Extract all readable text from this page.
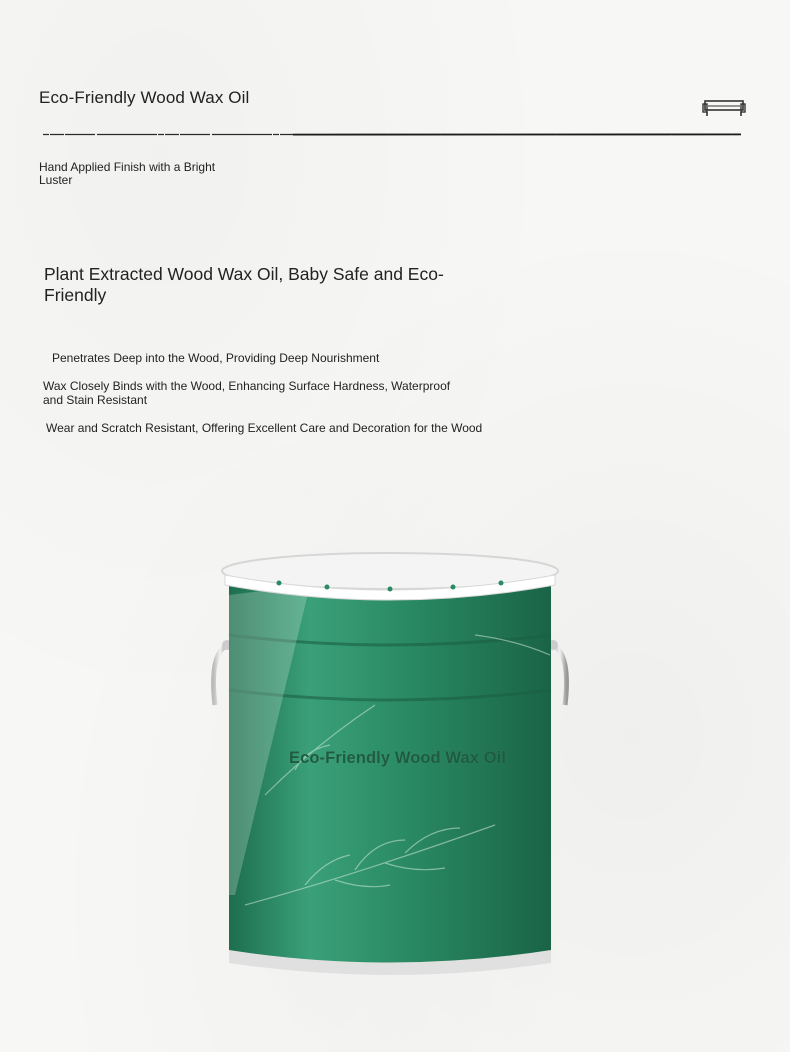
Eco-Friendly Wood Wax Oil
Hand Applied Finish with a Bright Luster
Plant Extracted Wood Wax Oil, Baby Safe and Eco-Friendly
Penetrates Deep into the Wood, Providing Deep Nourishment
Wax Closely Binds with the Wood, Enhancing Surface Hardness, Waterproof and Stain Resistant
Wear and Scratch Resistant, Offering Excellent Care and Decoration for the Wood
Eco-Friendly Wood Wax Oil
